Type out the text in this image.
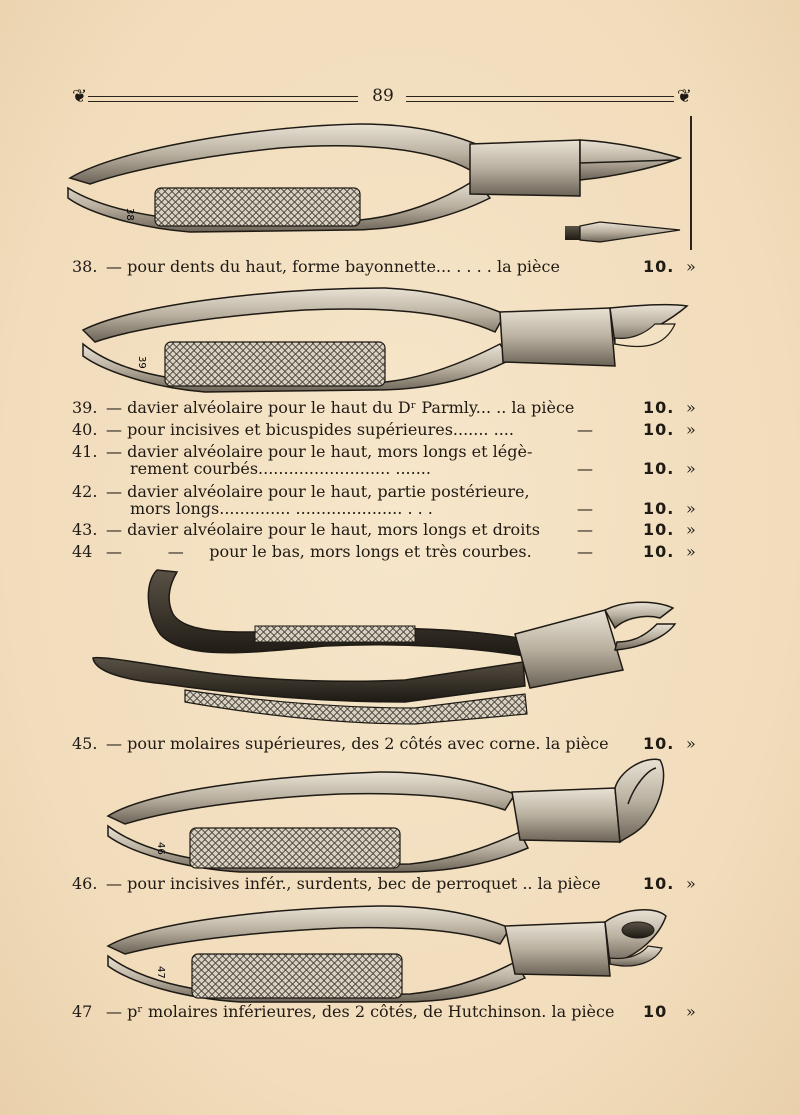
❦	89	❦
38
38. — pour dents du haut, forme bayonnette... . . . . la pièce	10. »
39
39. — davier alvéolaire pour le haut du Dʳ Parmly... .. la pièce	10. »
40. — pour incisives et bicuspides supérieures....... ....	—	10. »
41. — davier alvéolaire pour le haut, mors longs et légè-
rement courbés.......................... .......	—	10. »
42. — davier alvéolaire pour le haut, partie postérieure,
mors longs.............. ..................... . . .	—	10. »
43. — davier alvéolaire pour le haut, mors longs et droits —	10. »
44 —         —     pour le bas, mors longs et très courbes.	—	10. »
45
45. — pour molaires supérieures, des 2 côtés avec corne. la pièce 10. »
46
46. — pour incisives infér., surdents, bec de perroquet .. la pièce	10. »
47
47 — pʳ molaires inférieures, des 2 côtés, de Hutchinson. la pièce 10 »
